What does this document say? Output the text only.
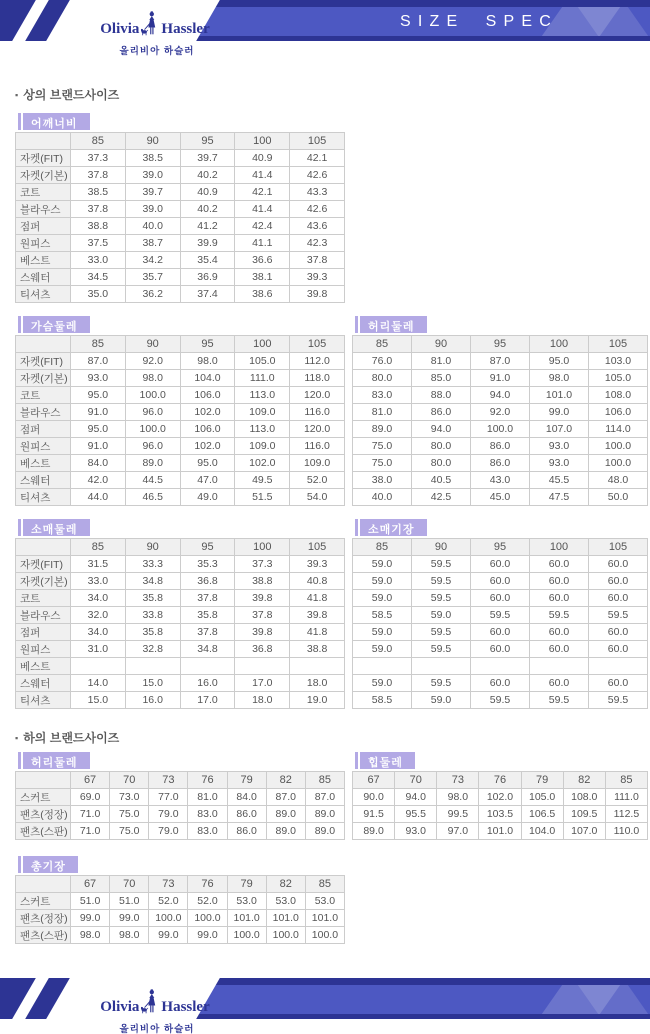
SIZE SPEC
Olivia Hassler
올리비아 하슬러
▪ 상의 브랜드사이즈
어깨너비
	85	90	95	100	105
자켓(FIT)	37.3	38.5	39.7	40.9	42.1
자켓(기본)	37.8	39.0	40.2	41.4	42.6
코트	38.5	39.7	40.9	42.1	43.3
블라우스	37.8	39.0	40.2	41.4	42.6
점퍼	38.8	40.0	41.2	42.4	43.6
원피스	37.5	38.7	39.9	41.1	42.3
베스트	33.0	34.2	35.4	36.6	37.8
스웨터	34.5	35.7	36.9	38.1	39.3
티셔츠	35.0	36.2	37.4	38.6	39.8
가슴둘레
	85	90	95	100	105
자켓(FIT)	87.0	92.0	98.0	105.0	112.0
자켓(기본)	93.0	98.0	104.0	111.0	118.0
코트	95.0	100.0	106.0	113.0	120.0
블라우스	91.0	96.0	102.0	109.0	116.0
점퍼	95.0	100.0	106.0	113.0	120.0
원피스	91.0	96.0	102.0	109.0	116.0
베스트	84.0	89.0	95.0	102.0	109.0
스웨터	42.0	44.5	47.0	49.5	52.0
티셔츠	44.0	46.5	49.0	51.5	54.0
허리둘레
85	90	95	100	105
76.0	81.0	87.0	95.0	103.0
80.0	85.0	91.0	98.0	105.0
83.0	88.0	94.0	101.0	108.0
81.0	86.0	92.0	99.0	106.0
89.0	94.0	100.0	107.0	114.0
75.0	80.0	86.0	93.0	100.0
75.0	80.0	86.0	93.0	100.0
38.0	40.5	43.0	45.5	48.0
40.0	42.5	45.0	47.5	50.0
소매둘레
	85	90	95	100	105
자켓(FIT)	31.5	33.3	35.3	37.3	39.3
자켓(기본)	33.0	34.8	36.8	38.8	40.8
코트	34.0	35.8	37.8	39.8	41.8
블라우스	32.0	33.8	35.8	37.8	39.8
점퍼	34.0	35.8	37.8	39.8	41.8
원피스	31.0	32.8	34.8	36.8	38.8
베스트					
스웨터	14.0	15.0	16.0	17.0	18.0
티셔츠	15.0	16.0	17.0	18.0	19.0
소매기장
85	90	95	100	105
59.0	59.5	60.0	60.0	60.0
59.0	59.5	60.0	60.0	60.0
59.0	59.5	60.0	60.0	60.0
58.5	59.0	59.5	59.5	59.5
59.0	59.5	60.0	60.0	60.0
59.0	59.5	60.0	60.0	60.0

59.0	59.5	60.0	60.0	60.0
58.5	59.0	59.5	59.5	59.5
▪ 하의 브랜드사이즈
허리둘레
	67	70	73	76	79	82	85
스커트	69.0	73.0	77.0	81.0	84.0	87.0	87.0
팬츠(정장)	71.0	75.0	79.0	83.0	86.0	89.0	89.0
팬츠(스판)	71.0	75.0	79.0	83.0	86.0	89.0	89.0
힙둘레
67	70	73	76	79	82	85
90.0	94.0	98.0	102.0	105.0	108.0	111.0
91.5	95.5	99.5	103.5	106.5	109.5	112.5
89.0	93.0	97.0	101.0	104.0	107.0	110.0
총기장
	67	70	73	76	79	82	85
스커트	51.0	51.0	52.0	52.0	53.0	53.0	53.0
팬츠(정장)	99.0	99.0	100.0	100.0	101.0	101.0	101.0
팬츠(스판)	98.0	98.0	99.0	99.0	100.0	100.0	100.0
Olivia Hassler
올리비아 하슬러
